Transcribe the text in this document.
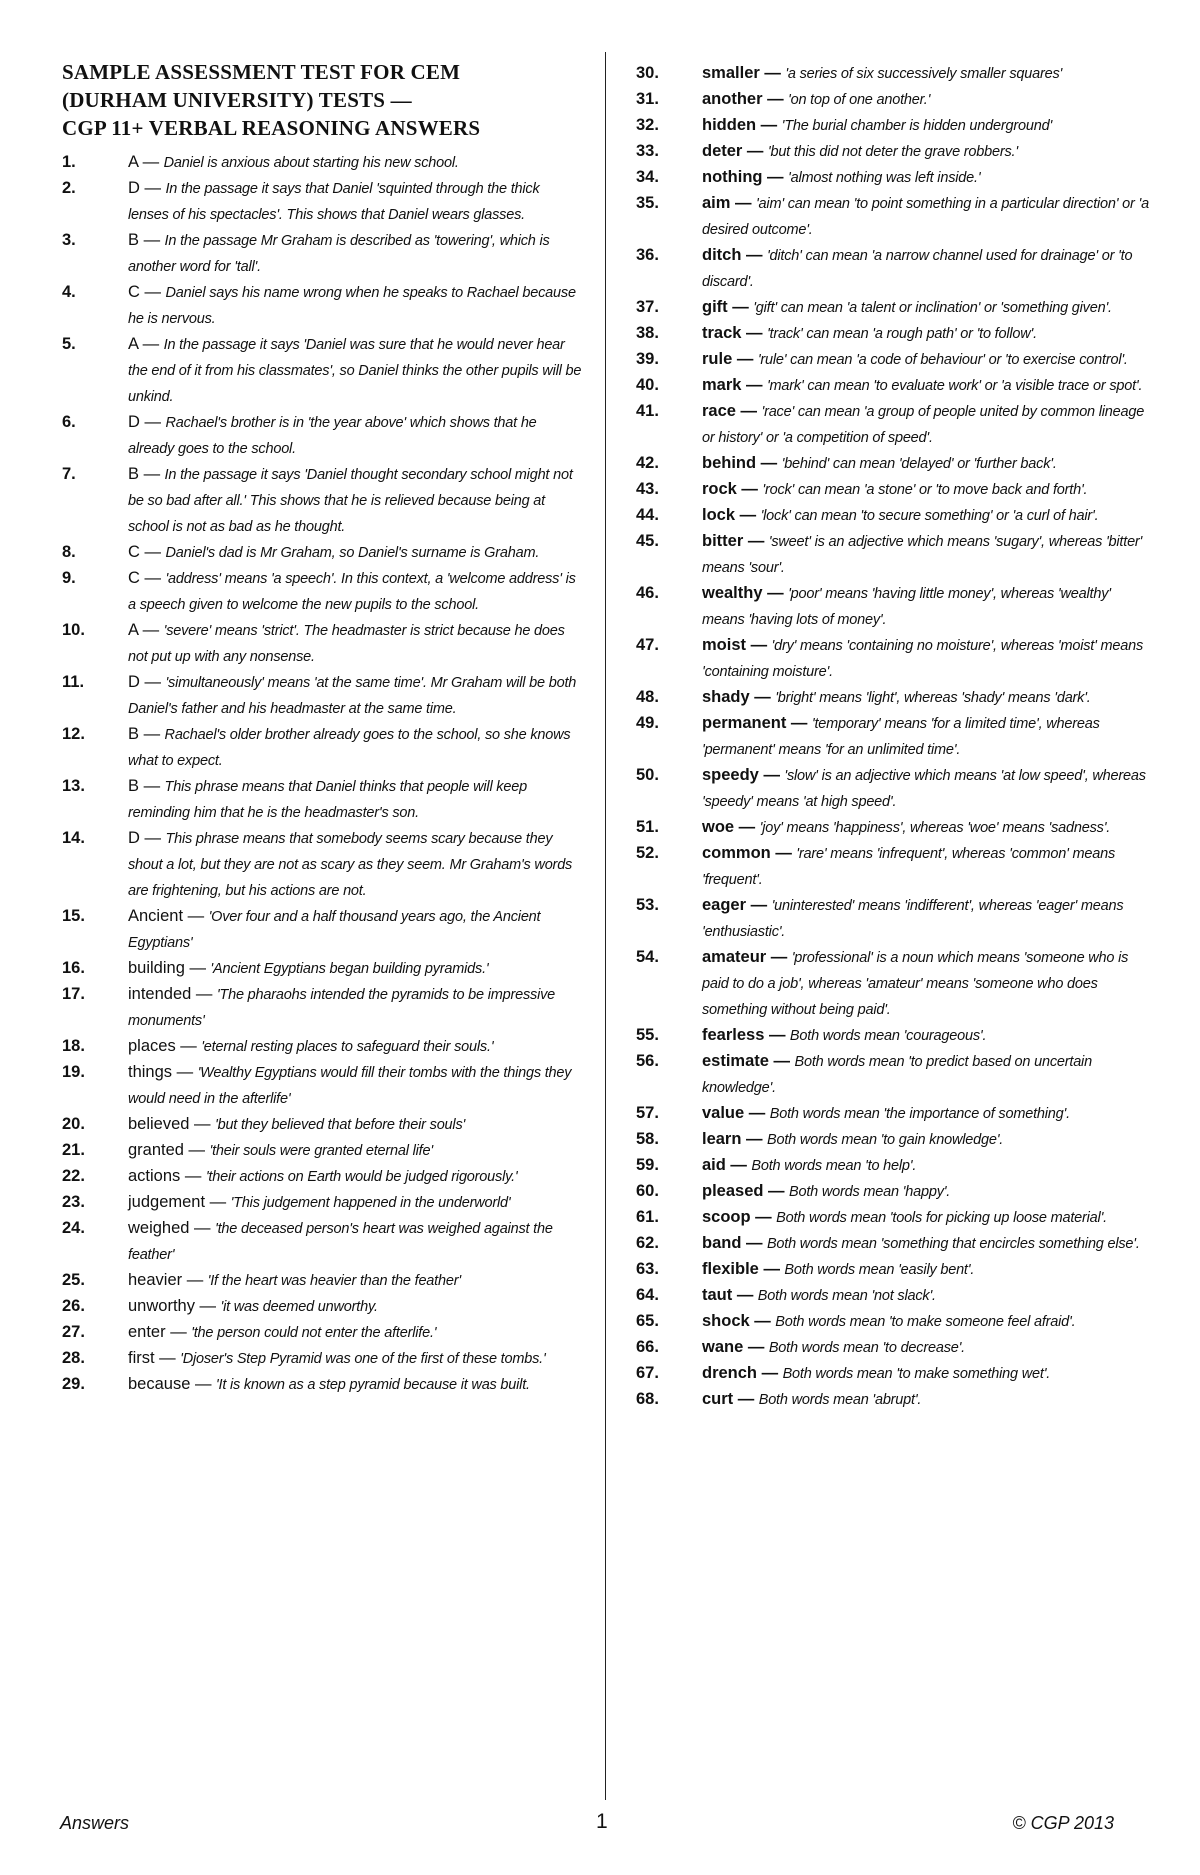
SAMPLE ASSESSMENT TEST FOR CEM
(DURHAM UNIVERSITY) TESTS —
CGP 11+ VERBAL REASONING ANSWERS
1.	A — Daniel is anxious about starting his new school.
2.	D — In the passage it says that Daniel 'squinted through the thick lenses of his spectacles'. This shows that Daniel wears glasses.
3.	B — In the passage Mr Graham is described as 'towering', which is another word for 'tall'.
4.	C — Daniel says his name wrong when he speaks to Rachael because he is nervous.
5.	A — In the passage it says 'Daniel was sure that he would never hear the end of it from his classmates', so Daniel thinks the other pupils will be unkind.
6.	D — Rachael's brother is in 'the year above' which shows that he already goes to the school.
7.	B — In the passage it says 'Daniel thought secondary school might not be so bad after all.' This shows that he is relieved because being at school is not as bad as he thought.
8.	C — Daniel's dad is Mr Graham, so Daniel's surname is Graham.
9.	C — 'address' means 'a speech'. In this context, a 'welcome address' is a speech given to welcome the new pupils to the school.
10.	A — 'severe' means 'strict'. The headmaster is strict because he does not put up with any nonsense.
11.	D — 'simultaneously' means 'at the same time'. Mr Graham will be both Daniel's father and his headmaster at the same time.
12.	B — Rachael's older brother already goes to the school, so she knows what to expect.
13.	B — This phrase means that Daniel thinks that people will keep reminding him that he is the headmaster's son.
14.	D — This phrase means that somebody seems scary because they shout a lot, but they are not as scary as they seem. Mr Graham's words are frightening, but his actions are not.
15.	Ancient — 'Over four and a half thousand years ago, the Ancient Egyptians'
16.	building — 'Ancient Egyptians began building pyramids.'
17.	intended — 'The pharaohs intended the pyramids to be impressive monuments'
18.	places — 'eternal resting places to safeguard their souls.'
19.	things — 'Wealthy Egyptians would fill their tombs with the things they would need in the afterlife'
20.	believed — 'but they believed that before their souls'
21.	granted — 'their souls were granted eternal life'
22.	actions — 'their actions on Earth would be judged rigorously.'
23.	judgement — 'This judgement happened in the underworld'
24.	weighed — 'the deceased person's heart was weighed against the feather'
25.	heavier — 'If the heart was heavier than the feather'
26.	unworthy — 'it was deemed unworthy.
27.	enter — 'the person could not enter the afterlife.'
28.	first — 'Djoser's Step Pyramid was one of the first of these tombs.'
29.	because — 'It is known as a step pyramid because it was built.
30.	smaller — 'a series of six successively smaller squares'
31.	another — 'on top of one another.'
32.	hidden — 'The burial chamber is hidden underground'
33.	deter — 'but this did not deter the grave robbers.'
34.	nothing — 'almost nothing was left inside.'
35.	aim — 'aim' can mean 'to point something in a particular direction' or 'a desired outcome'.
36.	ditch — 'ditch' can mean 'a narrow channel used for drainage' or 'to discard'.
37.	gift — 'gift' can mean 'a talent or inclination' or 'something given'.
38.	track — 'track' can mean 'a rough path' or 'to follow'.
39.	rule — 'rule' can mean 'a code of behaviour' or 'to exercise control'.
40.	mark — 'mark' can mean 'to evaluate work' or 'a visible trace or spot'.
41.	race — 'race' can mean 'a group of people united by common lineage or history' or 'a competition of speed'.
42.	behind — 'behind' can mean 'delayed' or 'further back'.
43.	rock — 'rock' can mean 'a stone' or 'to move back and forth'.
44.	lock — 'lock' can mean 'to secure something' or 'a curl of hair'.
45.	bitter — 'sweet' is an adjective which means 'sugary', whereas 'bitter' means 'sour'.
46.	wealthy — 'poor' means 'having little money', whereas 'wealthy' means 'having lots of money'.
47.	moist — 'dry' means 'containing no moisture', whereas 'moist' means 'containing moisture'.
48.	shady — 'bright' means 'light', whereas 'shady' means 'dark'.
49.	permanent — 'temporary' means 'for a limited time', whereas 'permanent' means 'for an unlimited time'.
50.	speedy — 'slow' is an adjective which means 'at low speed', whereas 'speedy' means 'at high speed'.
51.	woe — 'joy' means 'happiness', whereas 'woe' means 'sadness'.
52.	common — 'rare' means 'infrequent', whereas 'common' means 'frequent'.
53.	eager — 'uninterested' means 'indifferent', whereas 'eager' means 'enthusiastic'.
54.	amateur — 'professional' is a noun which means 'someone who is paid to do a job', whereas 'amateur' means 'someone who does something without being paid'.
55.	fearless — Both words mean 'courageous'.
56.	estimate — Both words mean 'to predict based on uncertain knowledge'.
57.	value — Both words mean 'the importance of something'.
58.	learn — Both words mean 'to gain knowledge'.
59.	aid — Both words mean 'to help'.
60.	pleased — Both words mean 'happy'.
61.	scoop — Both words mean 'tools for picking up loose material'.
62.	band — Both words mean 'something that encircles something else'.
63.	flexible — Both words mean 'easily bent'.
64.	taut — Both words mean 'not slack'.
65.	shock — Both words mean 'to make someone feel afraid'.
66.	wane — Both words mean 'to decrease'.
67.	drench — Both words mean 'to make something wet'.
68.	curt — Both words mean 'abrupt'.
Answers	1	© CGP 2013
